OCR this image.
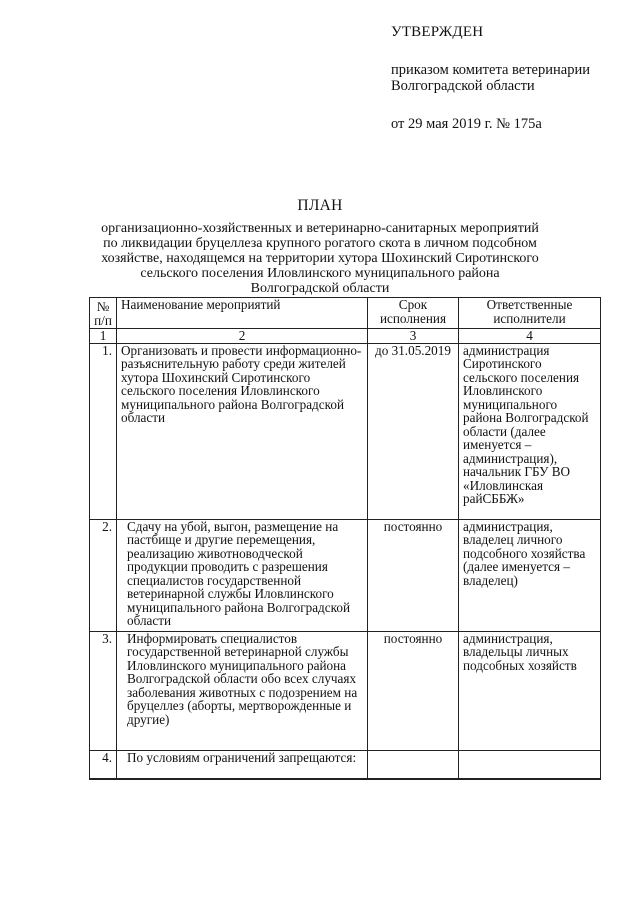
УТВЕРЖДЕН
приказом комитета ветеринарии
Волгоградской области
от 29 мая 2019 г. № 175а
ПЛАН
организационно-хозяйственных и ветеринарно-санитарных мероприятий
по ликвидации бруцеллеза крупного рогатого скота в личном подсобном
хозяйстве, находящемся на территории хутора Шохинский Сиротинского
сельского поселения Иловлинского муниципального района
Волгоградской области
№ п/п	Наименование мероприятий	Срок исполнения	Ответственные исполнители
1	2	3	4
1.	Организовать и провести информационно-разъяснительную работу среди жителей хутора Шохинский Сиротинского сельского поселения Иловлинского муниципального района Волгоградской области	до 31.05.2019	администрация Сиротинского сельского поселения Иловлинского муниципального района Волгоградской области (далее именуется – администрация), начальник ГБУ ВО «Иловлинская райСББЖ»
2.	Сдачу на убой, выгон, размещение на пастбище и другие перемещения, реализацию животноводческой продукции проводить с разрешения специалистов государственной ветеринарной службы Иловлинского муниципального района Волгоградской области	постоянно	администрация, владелец личного подсобного хозяйства (далее именуется – владелец)
3.	Информировать специалистов государственной ветеринарной службы Иловлинского муниципального района Волгоградской области обо всех случаях заболевания животных с подозрением на бруцеллез (аборты, мертворожденные и другие)	постоянно	администрация, владельцы личных подсобных хозяйств
4.	По условиям ограничений запрещаются:		
